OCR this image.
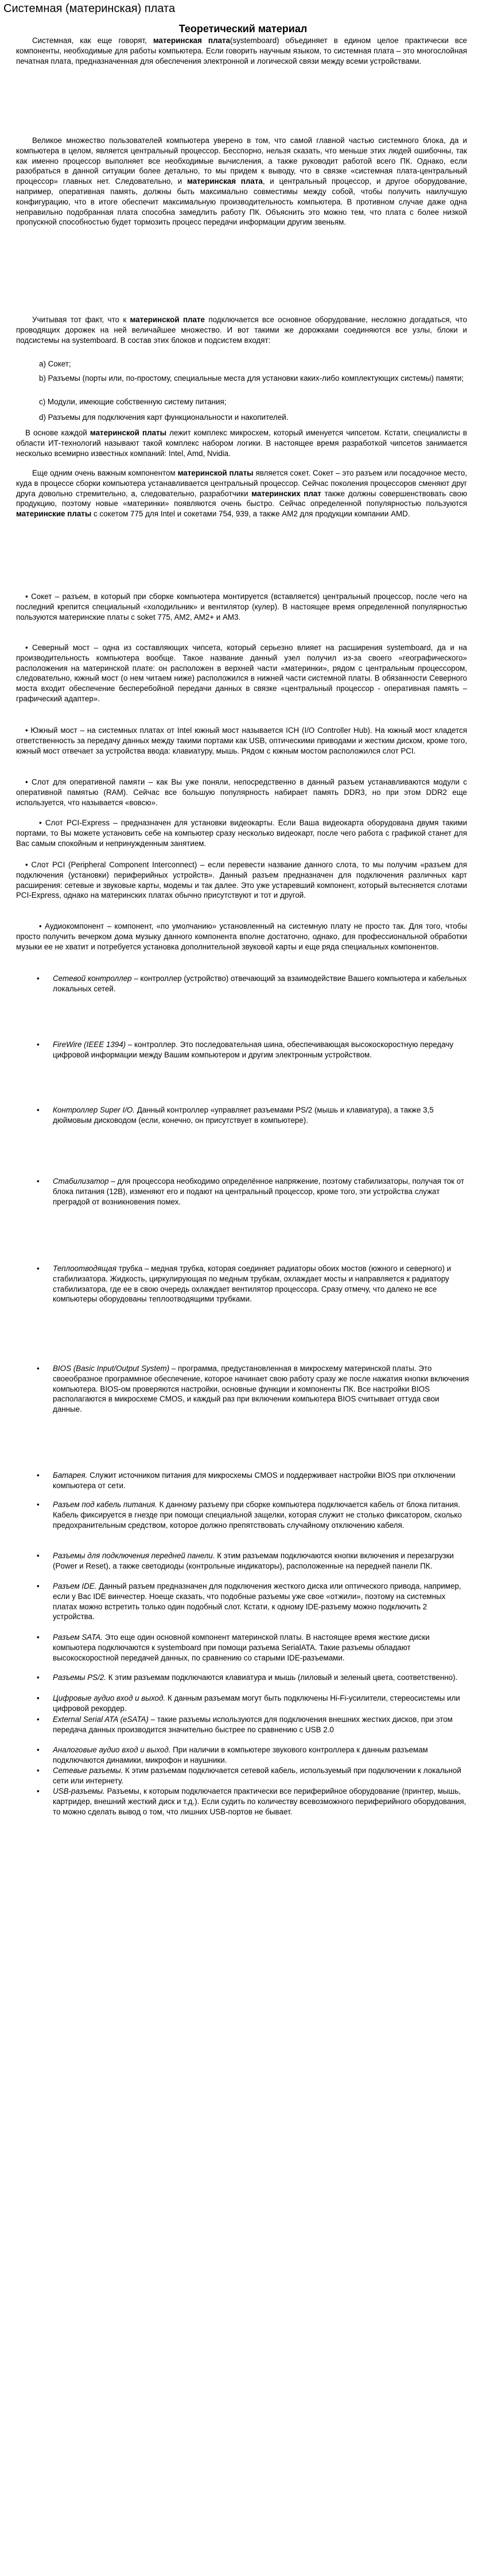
Системная (материнская) плата
Теоретический материал

Системная, как еще говорят, материнская плата(systemboard) объединяет в едином целое практически все компоненты, необходимые для работы компьютера. Если говорить научным языком, то системная плата – это многослойная печатная плата, предназначенная для обеспечения электронной и логической связи между всеми устройствами.

Великое множество пользователей компьютера уверено в том, что самой главной частью системного блока, да и компьютера в целом, является центральный процессор. Бесспорно, нельзя сказать, что меньше этих людей ошибочны, так как именно процессор выполняет все необходимые вычисления, а также руководит работой всего ПК. Однако, если разобраться в данной ситуации более детально, то мы придем к выводу, что в связке «системная плата-центральный процессор» главных нет. Следовательно, и материнская плата, и центральный процессор, и другое оборудование, например, оперативная память, должны быть максимально совместимы между собой, чтобы получить наилучшую конфигурацию, что в итоге обеспечит максимальную производительность компьютера. В противном случае даже одна неправильно подобранная плата способна замедлить работу ПК. Объяснить это можно тем, что плата с более низкой пропускной способностью будет тормозить процесс передачи информации другим звеньям.

Учитывая тот факт, что к материнской плате подключается все основное оборудование, несложно догадаться, что проводящих дорожек на ней величайшее множество. И вот такими же дорожками соединяются все узлы, блоки и подсистемы на systemboard. В состав этих блоков и подсистем входят:

а) Сокет;

b) Разъемы (порты или, по-простому, специальные места для установки каких-либо комплектующих системы) памяти;

c) Модули, имеющие собственную систему питания;

d) Разъемы для подключения карт функциональности и накопителей.

В основе каждой материнской платы лежит комплекс микросхем, который именуется чипсетом. Кстати, специалисты в области ИТ-технологий называют такой комплекс набором логики. В настоящее время разработкой чипсетов занимается несколько всемирно известных компаний: Intel, Amd, Nvidia.

Еще одним очень важным компонентом материнской платы является сокет. Сокет – это разъем или посадочное место, куда в процессе сборки компьютера устанавливается центральный процессор. Сейчас поколения процессоров сменяют друг друга довольно стремительно, а, следовательно, разработчики материнских плат также должны совершенствовать свою продукцию, поэтому новые «материнки» появляются очень быстро. Сейчас определенной популярностью пользуются материнские платы с сокетом 775 для Intel и сокетами 754, 939, а также AM2 для продукции компании AMD.

• Сокет – разъем, в который при сборке компьютера монтируется (вставляется) центральный процессор, после чего на последний крепится специальный «холодильник» и вентилятор (кулер). В настоящее время определенной популярностью пользуются материнские платы с sokеt 775, AM2, AM2+ и AM3.

• Северный мост – одна из составляющих чипсета, который серьезно влияет на расширения systemboard, да и на производительность компьютера вообще. Такое название данный узел получил из-за своего «географического» расположения на материнской плате: он расположен в верхней части «материнки», рядом с центральным процессором, следовательно, южный мост (о нем читаем ниже) расположился в нижней части системной платы. В обязанности Северного моста входит обеспечение бесперебойной передачи данных в связке «центральный процессор - оперативная память – графический адаптер».

• Южный мост – на системных платах от Intel южный мост называется ICH (I/O Controller Hub). На южный мост кладется ответственность за передачу данных между такими портами как USB, оптическими приводами и жестким диском, кроме того, южный мост отвечает за устройства ввода: клавиатуру, мышь. Рядом с южным мостом расположился слот PCI.

• Слот для оперативной памяти – как Вы уже поняли, непосредственно в данный разъем устанавливаются модули с оперативной памятью (RAM). Сейчас все большую популярность набирает память DDR3, но при этом DDR2 еще используется, что называется «вовсю».

• Слот PCI-Express – предназначен для установки видеокарты. Если Ваша видеокарта оборудована двумя такими портами, то Вы можете установить себе на компьютер сразу несколько видеокарт, после чего работа с графикой станет для Вас самым спокойным и непринужденным занятием.

• Слот PCI (Peripheral Component Interconnect) – если перевести название данного слота, то мы получим «разъем для подключения (установки) периферийных устройств». Данный разъем предназначен для подключения различных карт расширения: сетевые и звуковые карты, модемы и так далее. Это уже устаревший компонент, который вытесняется слотами PCI-Express, однако на материнских платах обычно присутствуют и тот и другой.

• Аудиокомпонент – компонент, «по умолчанию» установленный на системную плату не просто так. Для того, чтобы просто получить вечерком дома музыку данного компонента вполне достаточно, однако, для профессиональной обработки музыки ее не хватит и потребуется установка дополнительной звуковой карты и еще ряда специальных компонентов.

• Сетевой контроллер – контроллер (устройство) отвечающий за взаимодействие Вашего компьютера и кабельных локальных сетей.

• FireWire (IEEE 1394) – контроллер. Это последовательная шина, обеспечивающая высокоскоростную передачу цифровой информации между Вашим компьютером и другим электронным устройством.

• Контроллер Super I/O. Данный контроллер «управляет разъемами PS/2 (мышь и клавиатура), а также 3,5 дюймовым дисководом (если, конечно, он присутствует в компьютере).

• Стабилизатор – для процессора необходимо определённое напряжение, поэтому стабилизаторы, получая ток от блока питания (12В), изменяют его и подают на центральный процессор, кроме того, эти устройства служат преградой от возникновения помех.

• Теплоотводящая трубка – медная трубка, которая соединяет радиаторы обоих мостов (южного и северного) и стабилизатора. Жидкость, циркулирующая по медным трубкам, охлаждает мосты и направляется к радиатору стабилизатора, где ее в свою очередь охлаждает вентилятор процессора. Сразу отмечу, что далеко не все компьютеры оборудованы теплоотводящими трубками.

• BIOS (Basic Input/Output System) – программа, предустановленная в микросхему материнской платы. Это своеобразное программное обеспечение, которое начинает свою работу сразу же после нажатия кнопки включения компьютера. BIOS-ом проверяются настройки, основные функции и компоненты ПК. Все настройки BIOS располагаются в микросхеме CMOS, и каждый раз при включении компьютера BIOS считывает оттуда свои данные.

• Батарея. Служит источником питания для микросхемы CMOS и поддерживает настройки BIOS при отключении компьютера от сети.

• Разъем под кабель питания. К данному разъему при сборке компьютера подключается кабель от блока питания. Кабель фиксируется в гнезде при помощи специальной защелки, которая служит не столько фиксатором, сколько предохранительным средством, которое должно препятствовать случайному отключению кабеля.

• Разъемы для подключения передней панели. К этим разъемам подключаются кнопки включения и перезагрузки (Power и Reset), а также светодиоды (контрольные индикаторы), расположенные на передней панели ПК.

• Разъем IDE. Данный разъем предназначен для подключения жесткого диска или оптического привода, например, если у Вас IDE винчестер. Ноеще сказать, что подобные разъемы уже свое «отжили», поэтому на системных платах можно встретить только один подобный слот. Кстати, к одному IDE-разъему можно подключить 2 устройства.

• Разъем SATA. Это еще один основной компонент материнской платы. В настоящее время жесткие диски компьютера подключаются к systemboard при помощи разъема SerialATA. Такие разъемы обладают высокоскоростной передачей данных, по сравнению со старыми IDE-разъемами.

• Разъемы PS/2. К этим разъемам подключаются клавиатура и мышь (лиловый и зеленый цвета, соответственно).

• Цифровые аудио вход и выход. К данным разъемам могут быть подключены Hi-Fi-усилители, стереосистемы или цифровой рекордер.

• External Serial ATA (eSATA) – такие разъемы используются для подключения внешних жестких дисков, при этом передача данных производится значительно быстрее по сравнению с USB 2.0

• Аналоговые аудио вход и выход. При наличии в компьютере звукового контроллера к данным разъемам подключаются динамики, микрофон и наушники.

• Сетевые разъемы. К этим разъемам подключается сетевой кабель, используемый при подключении к локальной сети или интернету.

• USB-разъемы. Разъемы, к которым подключается практически все периферийное оборудование (принтер, мышь, картридер, внешний жесткий диск и т.д.). Если судить по количеству всевозможного периферийного оборудования, то можно сделать вывод о том, что лишних USB-портов не бывает.
